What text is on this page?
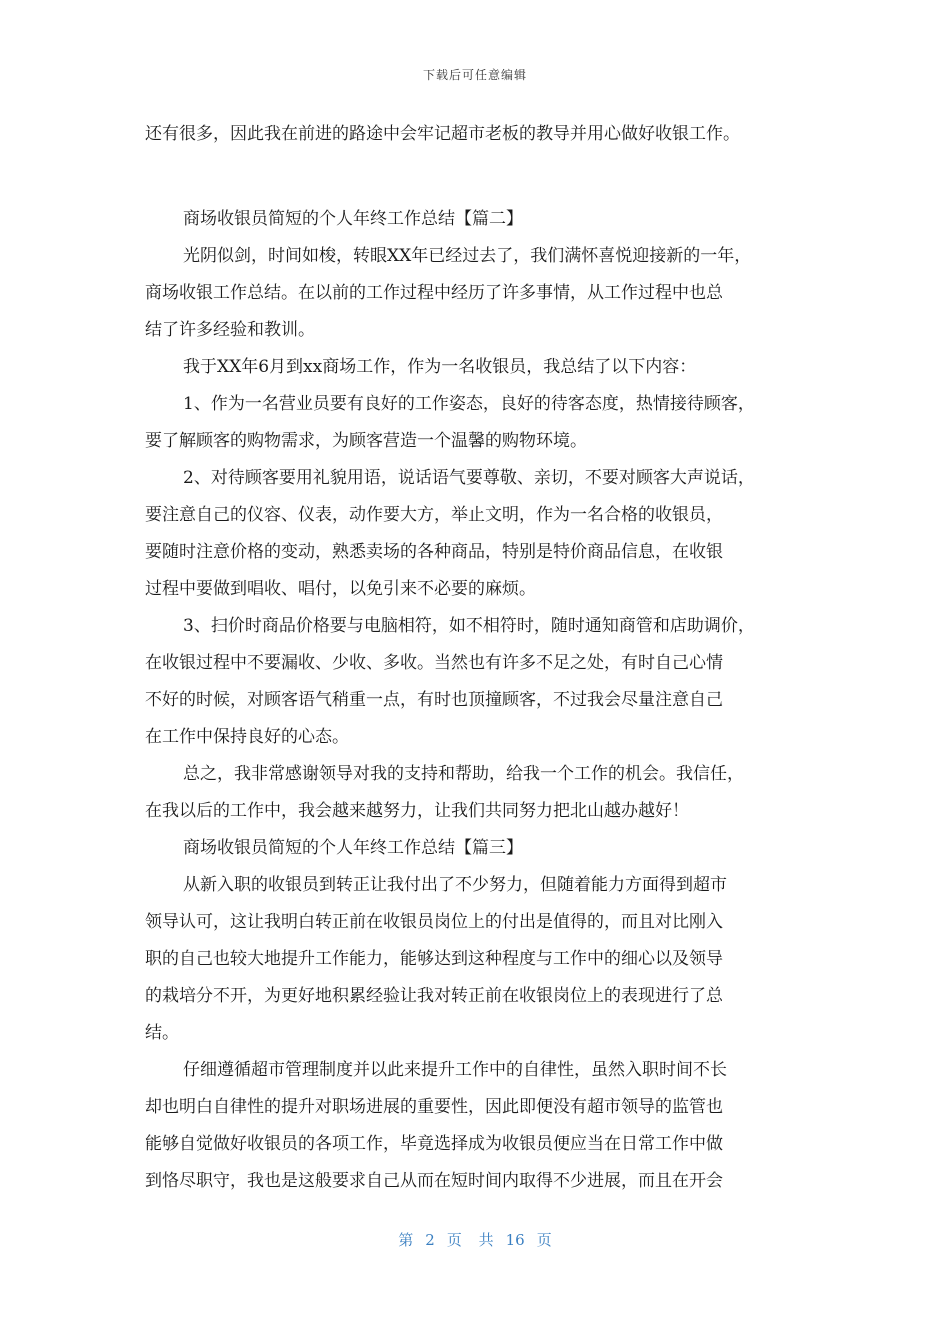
下载后可任意编辑
还有很多，因此我在前进的路途中会牢记超市老板的教导并用心做好收银工作。
商场收银员简短的个人年终工作总结【篇二】
光阴似剑，时间如梭，转眼XX年已经过去了，我们满怀喜悦迎接新的一年，
商场收银工作总结。在以前的工作过程中经历了许多事情，从工作过程中也总
结了许多经验和教训。
我于XX年6月到xx商场工作，作为一名收银员，我总结了以下内容：
1、作为一名营业员要有良好的工作姿态，良好的待客态度，热情接待顾客，
要了解顾客的购物需求，为顾客营造一个温馨的购物环境。
2、对待顾客要用礼貌用语，说话语气要尊敬、亲切，不要对顾客大声说话，
要注意自己的仪容、仪表，动作要大方，举止文明，作为一名合格的收银员，
要随时注意价格的变动，熟悉卖场的各种商品，特别是特价商品信息，在收银
过程中要做到唱收、唱付，以免引来不必要的麻烦。
3、扫价时商品价格要与电脑相符，如不相符时，随时通知商管和店助调价，
在收银过程中不要漏收、少收、多收。当然也有许多不足之处，有时自己心情
不好的时候，对顾客语气稍重一点，有时也顶撞顾客，不过我会尽量注意自己
在工作中保持良好的心态。
总之，我非常感谢领导对我的支持和帮助，给我一个工作的机会。我信任，
在我以后的工作中，我会越来越努力，让我们共同努力把北山越办越好！
商场收银员简短的个人年终工作总结【篇三】
从新入职的收银员到转正让我付出了不少努力，但随着能力方面得到超市
领导认可，这让我明白转正前在收银员岗位上的付出是值得的，而且对比刚入
职的自己也较大地提升工作能力，能够达到这种程度与工作中的细心以及领导
的栽培分不开，为更好地积累经验让我对转正前在收银岗位上的表现进行了总
结。
仔细遵循超市管理制度并以此来提升工作中的自律性，虽然入职时间不长
却也明白自律性的提升对职场进展的重要性，因此即便没有超市领导的监管也
能够自觉做好收银员的各项工作，毕竟选择成为收银员便应当在日常工作中做
到恪尽职守，我也是这般要求自己从而在短时间内取得不少进展，而且在开会
第 2 页 共 16 页
